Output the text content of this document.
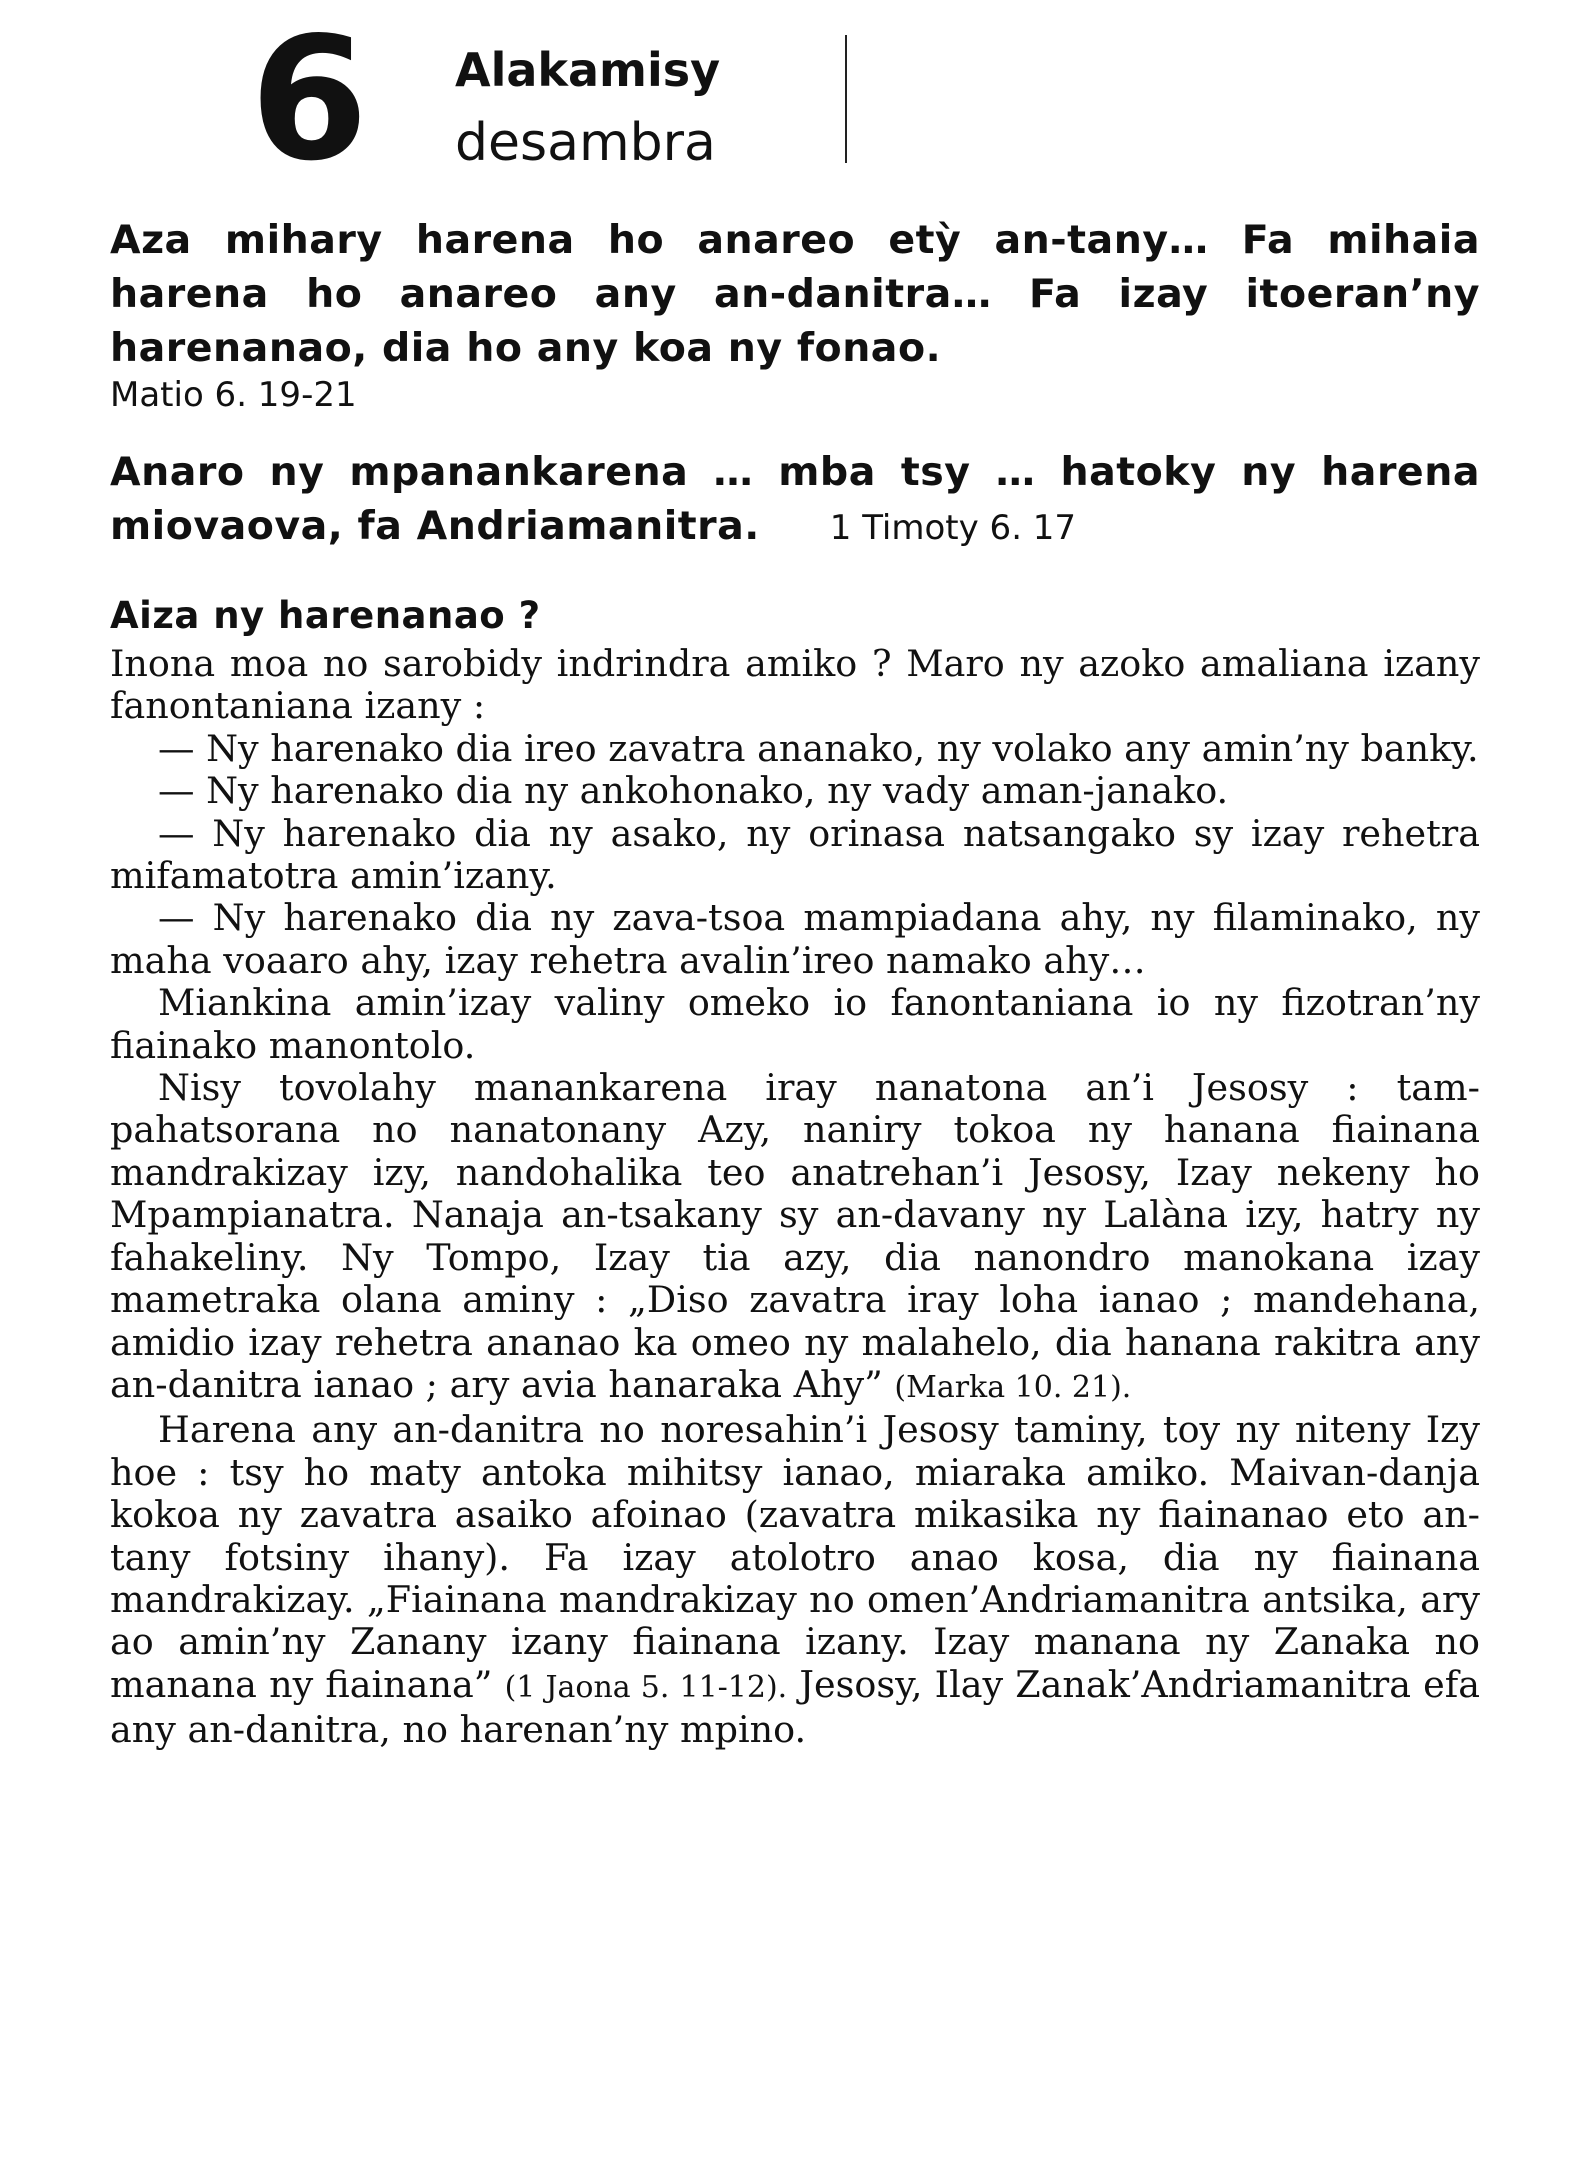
6 Alakamisy
desambra
Aza mihary harena ho anareo etỳ an-tany… Fa mihaia harena ho anareo any an-danitra… Fa izay itoeran’ny harenanao, dia ho any koa ny fonao.
Matio 6. 19-21
Anaro ny mpanankarena … mba tsy … hatoky ny harena miovaova, fa Andriamanitra. 1 Timoty 6. 17
Aiza ny harenanao ?

Inona moa no sarobidy indrindra amiko ? Maro ny azoko amaliana izany fanontaniana izany :

— Ny harenako dia ireo zavatra ananako, ny volako any amin’ny banky.

— Ny harenako dia ny ankohonako, ny vady aman-janako.

— Ny harenako dia ny asako, ny orinasa natsangako sy izay rehetra mifamatotra amin’izany.

— Ny harenako dia ny zava-tsoa mampiadana ahy, ny filaminako, ny maha voaaro ahy, izay rehetra avalin’ireo namako ahy…

Miankina amin’izay valiny omeko io fanontaniana io ny fizotran’ny fiainako manontolo.

Nisy tovolahy manankarena iray nanatona an’i Jesosy : tam-pahatsorana no nanatonany Azy, naniry tokoa ny hanana fiainana mandrakizay izy, nandohalika teo anatrehan’i Jesosy, Izay nekeny ho Mpampianatra. Nanaja an-tsakany sy an-davany ny Lalàna izy, hatry ny fahakeliny. Ny Tompo, Izay tia azy, dia nanondro manokana izay mametraka olana aminy : „Diso zavatra iray loha ianao ; mandehana, amidio izay rehetra ananao ka omeo ny malahelo, dia hanana rakitra any an-danitra ianao ; ary avia hanaraka Ahy” (Marka 10. 21).

Harena any an-danitra no noresahin’i Jesosy taminy, toy ny niteny Izy hoe : tsy ho maty antoka mihitsy ianao, miaraka amiko. Maivan-danja kokoa ny zavatra asaiko afoinao (zavatra mikasika ny fiainanao eto an-tany fotsiny ihany). Fa izay atolotro anao kosa, dia ny fiainana mandrakizay. „Fiainana mandrakizay no omen’Andriamanitra antsika, ary ao amin’ny Zanany izany fiainana izany. Izay manana ny Zanaka no manana ny fiainana” (1 Jaona 5. 11-12). Jesosy, Ilay Zanak’Andriamanitra efa any an-danitra, no harenan’ny mpino.
